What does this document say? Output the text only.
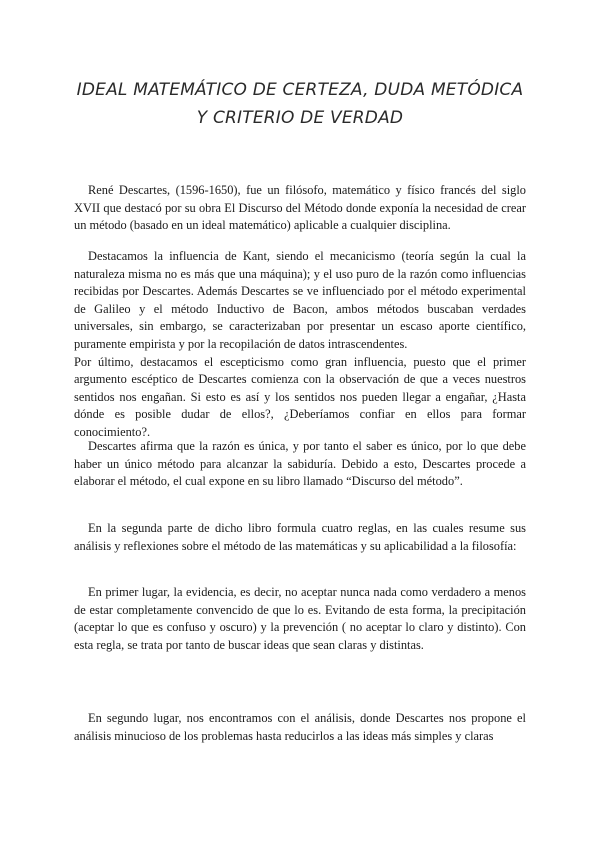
IDEAL MATEMÁTICO DE CERTEZA, DUDA METÓDICA
Y CRITERIO DE VERDAD

René Descartes, (1596-1650), fue un filósofo, matemático y físico francés del siglo XVII que destacó por su obra El Discurso del Método donde exponía la necesidad de crear un método (basado en un ideal matemático) aplicable a cualquier disciplina.

Destacamos la influencia de Kant, siendo el mecanicismo (teoría según la cual la naturaleza misma no es más que una máquina); y el uso puro de la razón como influencias recibidas por Descartes. Además Descartes se ve influenciado por el método experimental de Galileo y el método Inductivo de Bacon, ambos métodos buscaban verdades universales, sin embargo, se caracterizaban por presentar un escaso aporte científico, puramente empirista y por la recopilación de datos intrascendentes.

Por último, destacamos el escepticismo como gran influencia, puesto que el primer argumento escéptico de Descartes comienza con la observación de que a veces nuestros sentidos nos engañan. Si esto es así y los sentidos nos pueden llegar a engañar, ¿Hasta dónde es posible dudar de ellos?, ¿Deberíamos confiar en ellos para formar conocimiento?.

Descartes afirma que la razón es única, y por tanto el saber es único, por lo que debe haber un único método para alcanzar la sabiduría. Debido a esto, Descartes procede a elaborar el método, el cual expone en su libro llamado “Discurso del método”.

En la segunda parte de dicho libro formula cuatro reglas, en las cuales resume sus análisis y reflexiones sobre el método de las matemáticas y su aplicabilidad a la filosofía:

En primer lugar, la evidencia, es decir, no aceptar nunca nada como verdadero a menos de estar completamente convencido de que lo es. Evitando de esta forma, la precipitación (aceptar lo que es confuso y oscuro) y la prevención ( no aceptar lo claro y distinto). Con esta regla, se trata por tanto de buscar ideas que sean claras y distintas.

En segundo lugar, nos encontramos con el análisis, donde Descartes nos propone el análisis minucioso de los problemas hasta reducirlos a las ideas más simples y claras
